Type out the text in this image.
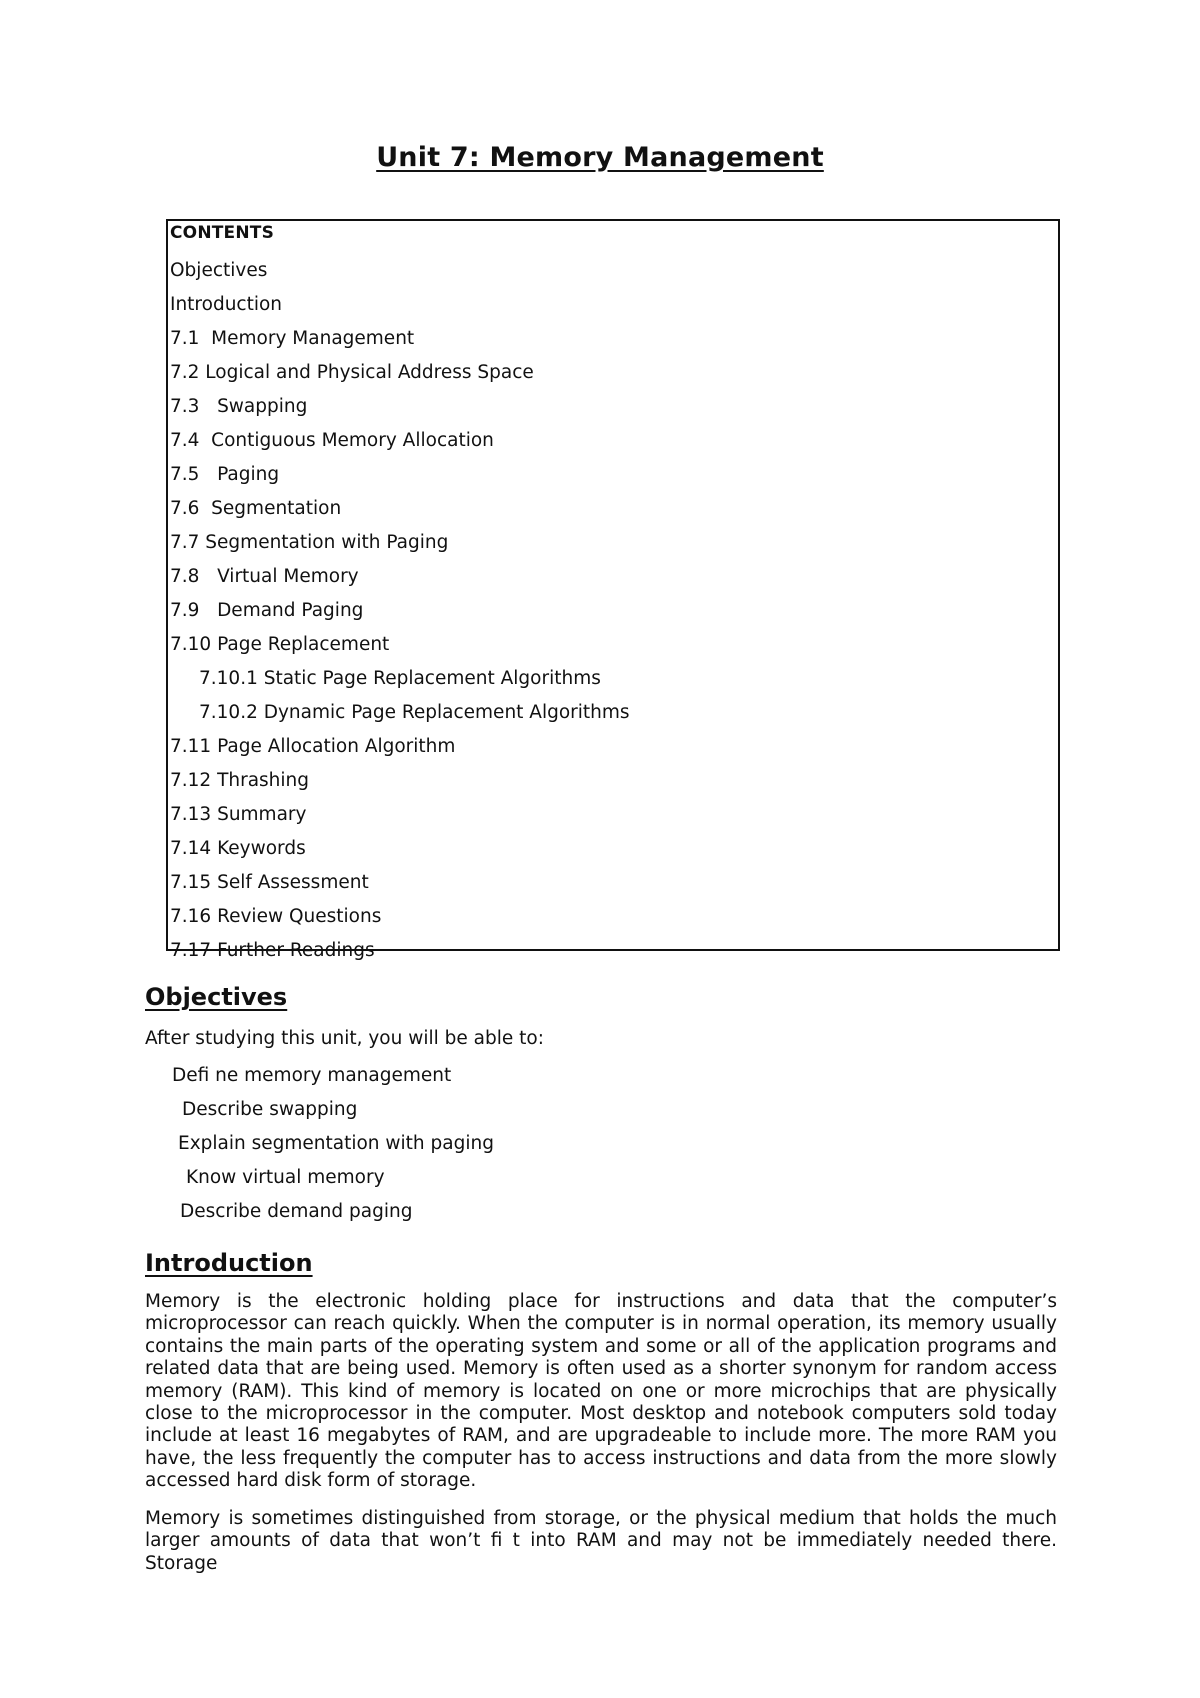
Unit 7: Memory Management
CONTENTS
Objectives
Introduction
7.1  Memory Management
7.2 Logical and Physical Address Space
7.3   Swapping
7.4  Contiguous Memory Allocation
7.5   Paging
7.6  Segmentation
7.7 Segmentation with Paging
7.8   Virtual Memory
7.9   Demand Paging
7.10 Page Replacement
7.10.1 Static Page Replacement Algorithms
7.10.2 Dynamic Page Replacement Algorithms
7.11 Page Allocation Algorithm
7.12 Thrashing
7.13 Summary
7.14 Keywords
7.15 Self Assessment
7.16 Review Questions
7.17 Further Readings
Objectives
After studying this unit, you will be able to:
Defi ne memory management
Describe swapping
Explain segmentation with paging
Know virtual memory
Describe demand paging
Introduction

Memory is the electronic holding place for instructions and data that the computer’s microprocessor can reach quickly. When the computer is in normal operation, its memory usually contains the main parts of the operating system and some or all of the application programs and related data that are being used. Memory is often used as a shorter synonym for random access memory (RAM). This kind of memory is located on one or more microchips that are physically close to the microprocessor in the computer. Most desktop and notebook computers sold today include at least 16 megabytes of RAM, and are upgradeable to include more. The more RAM you have, the less frequently the computer has to access instructions and data from the more slowly accessed hard disk form of storage.

Memory is sometimes distinguished from storage, or the physical medium that holds the much larger amounts of data that won’t fi t into RAM and may not be immediately needed there. Storage
